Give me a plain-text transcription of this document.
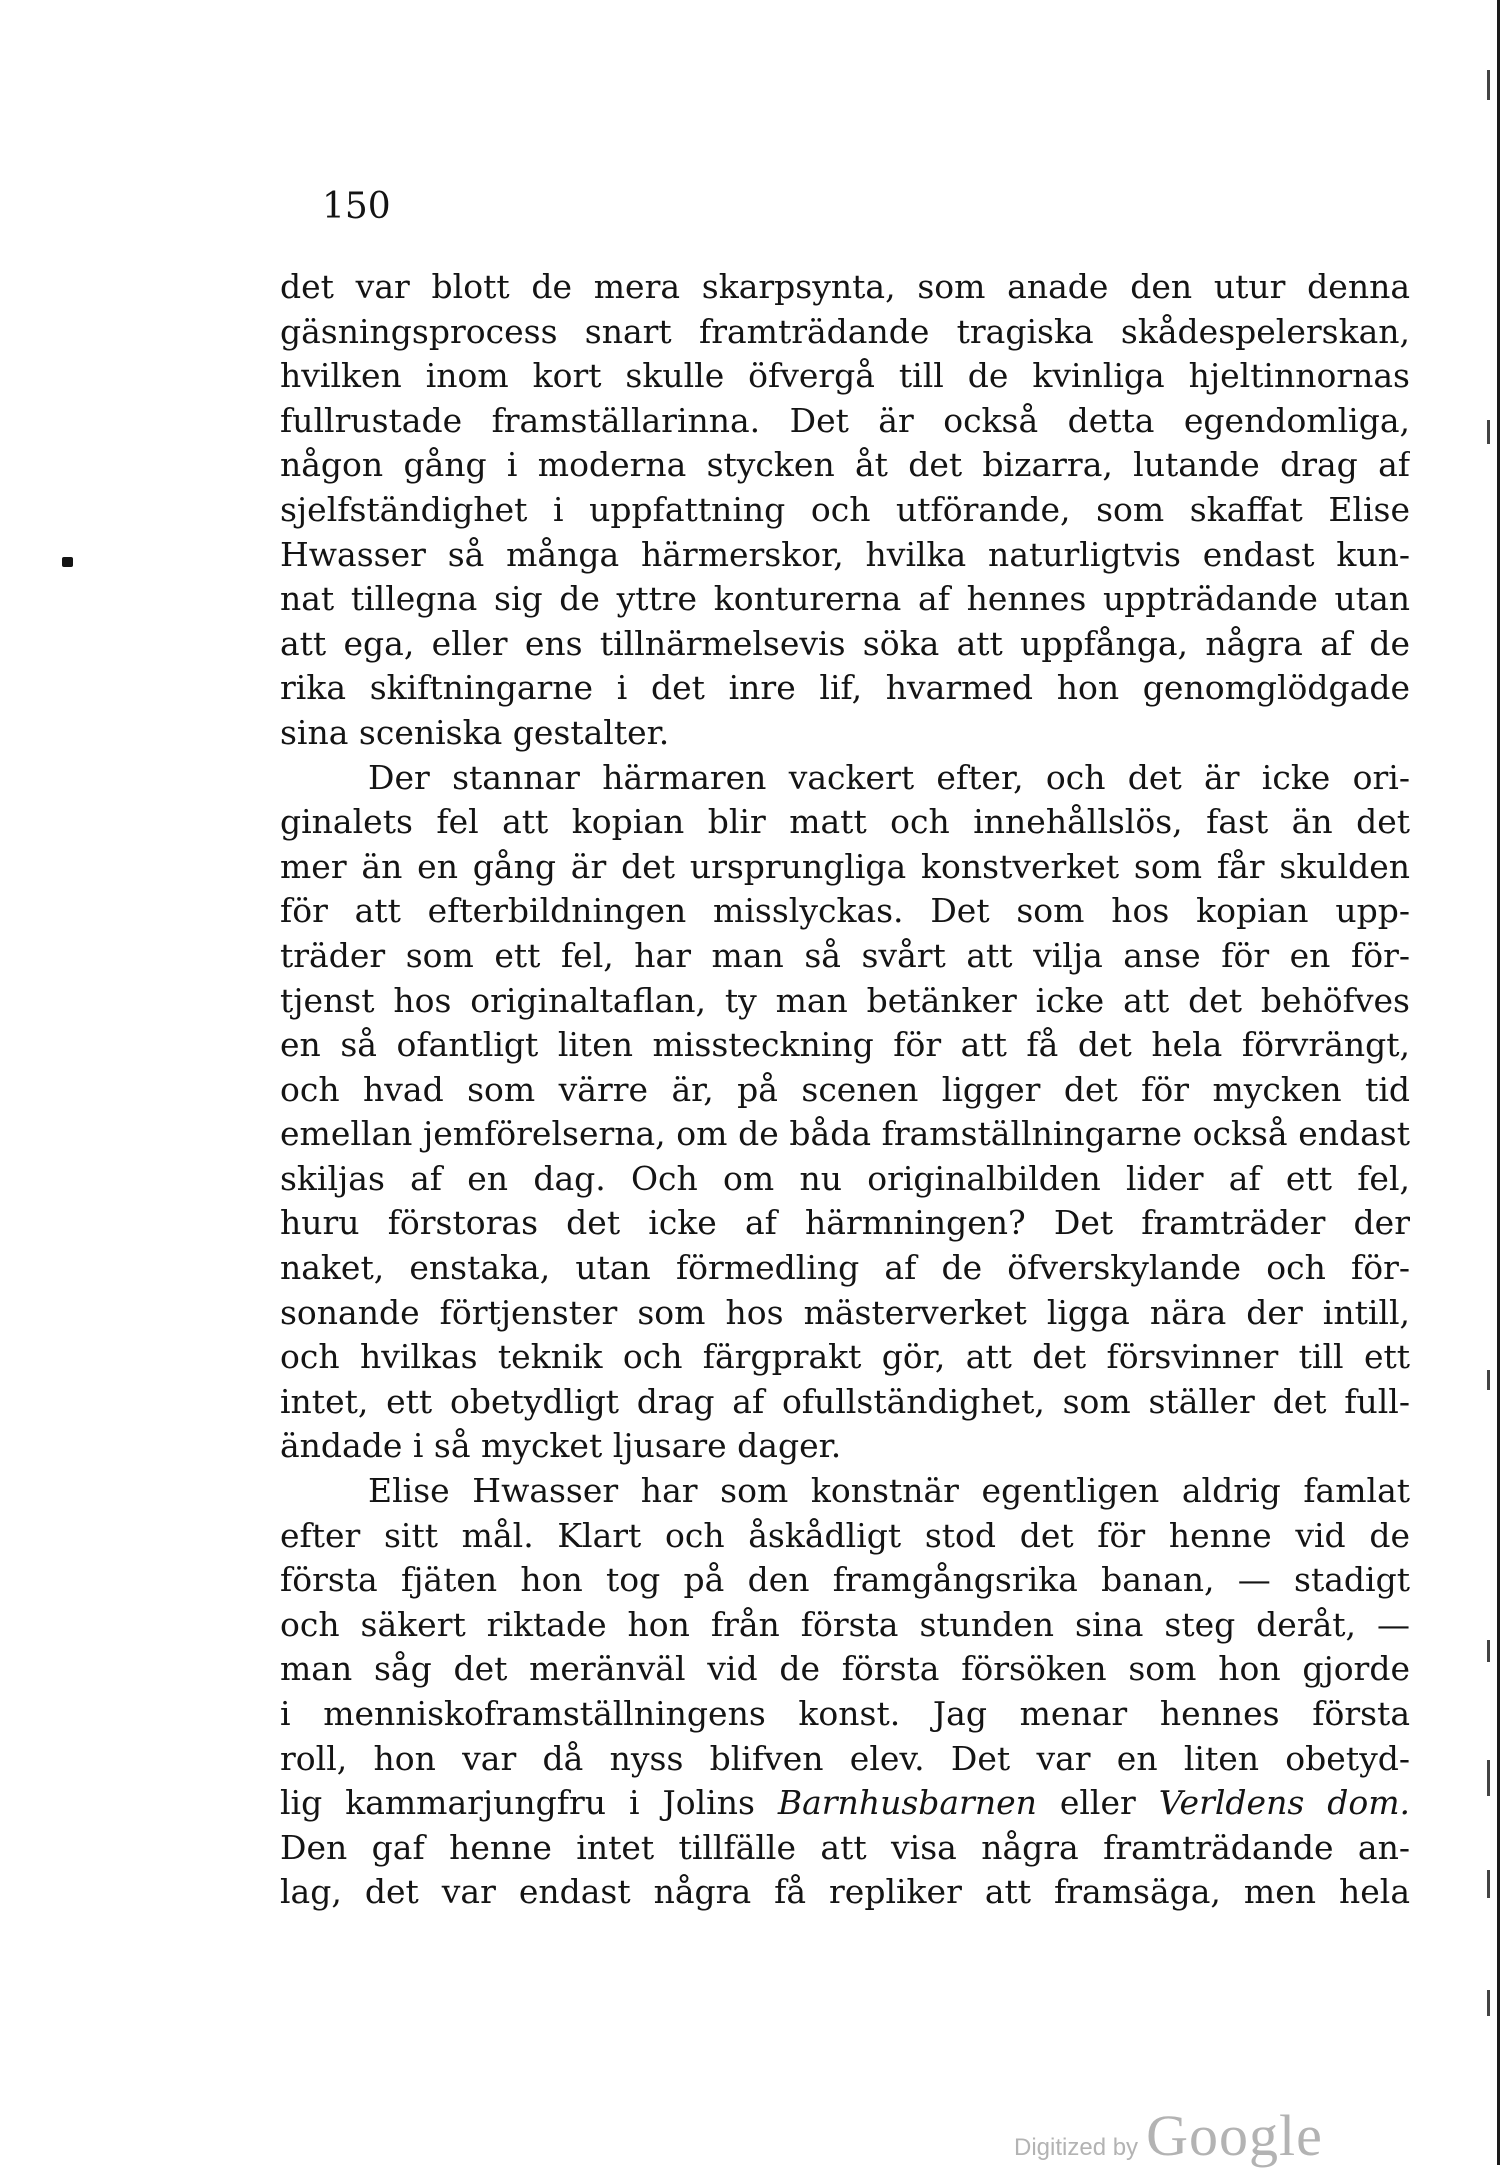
150
det var blott de mera skarpsynta, som anade den utur denna
gäsningsprocess snart framträdande tragiska skådespelerskan,
hvilken inom kort skulle öfvergå till de kvinliga hjeltinnornas
fullrustade framställarinna. Det är också detta egendomliga,
någon gång i moderna stycken åt det bizarra, lutande drag af
sjelfständighet i uppfattning och utförande, som skaffat Elise
Hwasser så många härmerskor, hvilka naturligtvis endast kun-
nat tillegna sig de yttre konturerna af hennes uppträdande utan
att ega, eller ens tillnärmelsevis söka att uppfånga, några af de
rika skiftningarne i det inre lif, hvarmed hon genomglödgade
sina sceniska gestalter.
Der stannar härmaren vackert efter, och det är icke ori-
ginalets fel att kopian blir matt och innehållslös, fast än det
mer än en gång är det ursprungliga konstverket som får skulden
för att efterbildningen misslyckas. Det som hos kopian upp-
träder som ett fel, har man så svårt att vilja anse för en för-
tjenst hos originaltaflan, ty man betänker icke att det behöfves
en så ofantligt liten missteckning för att få det hela förvrängt,
och hvad som värre är, på scenen ligger det för mycken tid
emellan jemförelserna, om de båda framställningarne också endast
skiljas af en dag. Och om nu originalbilden lider af ett fel,
huru förstoras det icke af härmningen? Det framträder der
naket, enstaka, utan förmedling af de öfverskylande och för-
sonande förtjenster som hos mästerverket ligga nära der intill,
och hvilkas teknik och färgprakt gör, att det försvinner till ett
intet, ett obetydligt drag af ofullständighet, som ställer det full-
ändade i så mycket ljusare dager.
Elise Hwasser har som konstnär egentligen aldrig famlat
efter sitt mål. Klart och åskådligt stod det för henne vid de
första fjäten hon tog på den framgångsrika banan, — stadigt
och säkert riktade hon från första stunden sina steg deråt, —
man såg det meränväl vid de första försöken som hon gjorde
i menniskoframställningens konst. Jag menar hennes första
roll, hon var då nyss blifven elev. Det var en liten obetyd-
lig kammarjungfru i Jolins Barnhusbarnen eller Verldens dom.
Den gaf henne intet tillfälle att visa några framträdande an-
lag, det var endast några få repliker att framsäga, men hela
Digitized by Google
